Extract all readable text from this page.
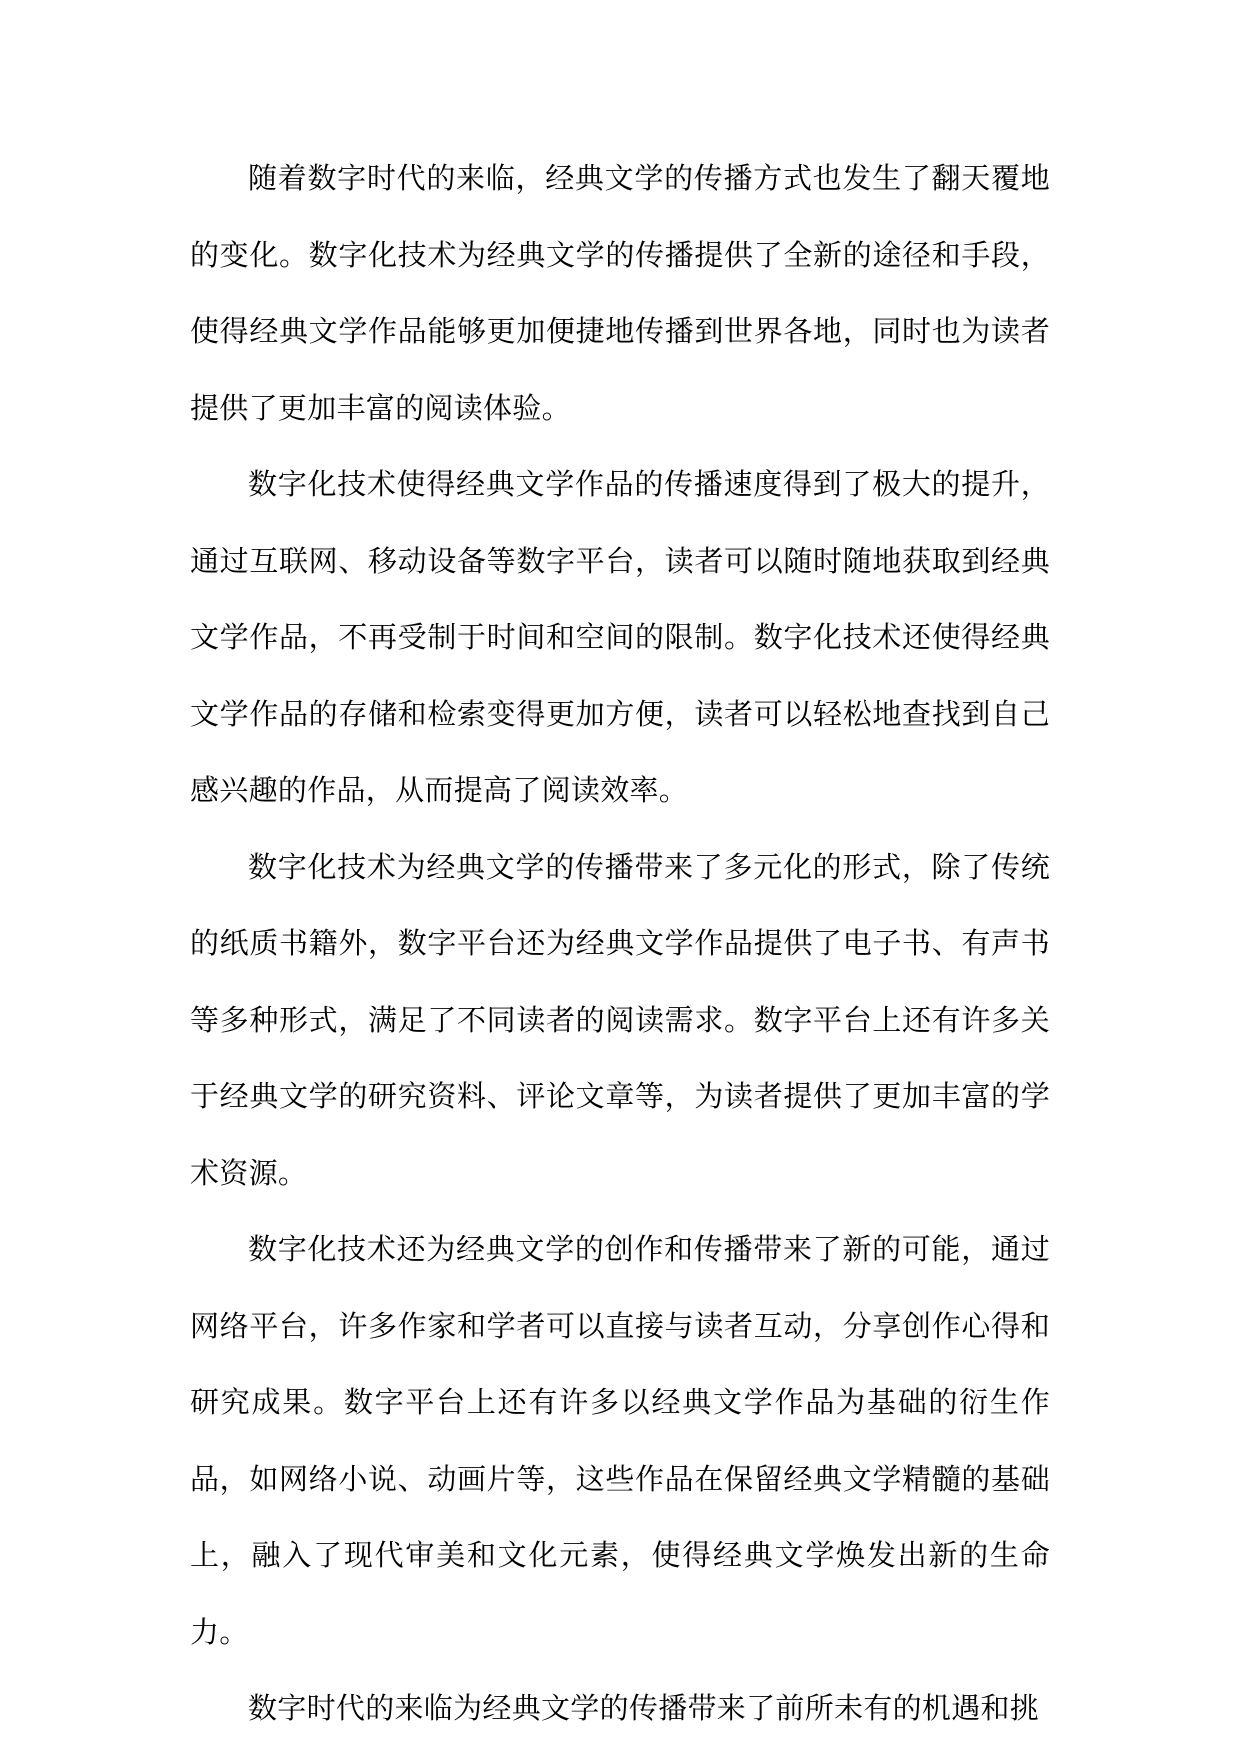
随着数字时代的来临，经典文学的传播方式也发生了翻天覆地的变化。数字化技术为经典文学的传播提供了全新的途径和手段，使得经典文学作品能够更加便捷地传播到世界各地，同时也为读者提供了更加丰富的阅读体验。

数字化技术使得经典文学作品的传播速度得到了极大的提升，通过互联网、移动设备等数字平台，读者可以随时随地获取到经典文学作品，不再受制于时间和空间的限制。数字化技术还使得经典文学作品的存储和检索变得更加方便，读者可以轻松地查找到自己感兴趣的作品，从而提高了阅读效率。

数字化技术为经典文学的传播带来了多元化的形式，除了传统的纸质书籍外，数字平台还为经典文学作品提供了电子书、有声书等多种形式，满足了不同读者的阅读需求。数字平台上还有许多关于经典文学的研究资料、评论文章等，为读者提供了更加丰富的学术资源。

数字化技术还为经典文学的创作和传播带来了新的可能，通过网络平台，许多作家和学者可以直接与读者互动，分享创作心得和研究成果。数字平台上还有许多以经典文学作品为基础的衍生作品，如网络小说、动画片等，这些作品在保留经典文学精髓的基础上，融入了现代审美和文化元素，使得经典文学焕发出新的生命力。

数字时代的来临为经典文学的传播带来了前所未有的机遇和挑
